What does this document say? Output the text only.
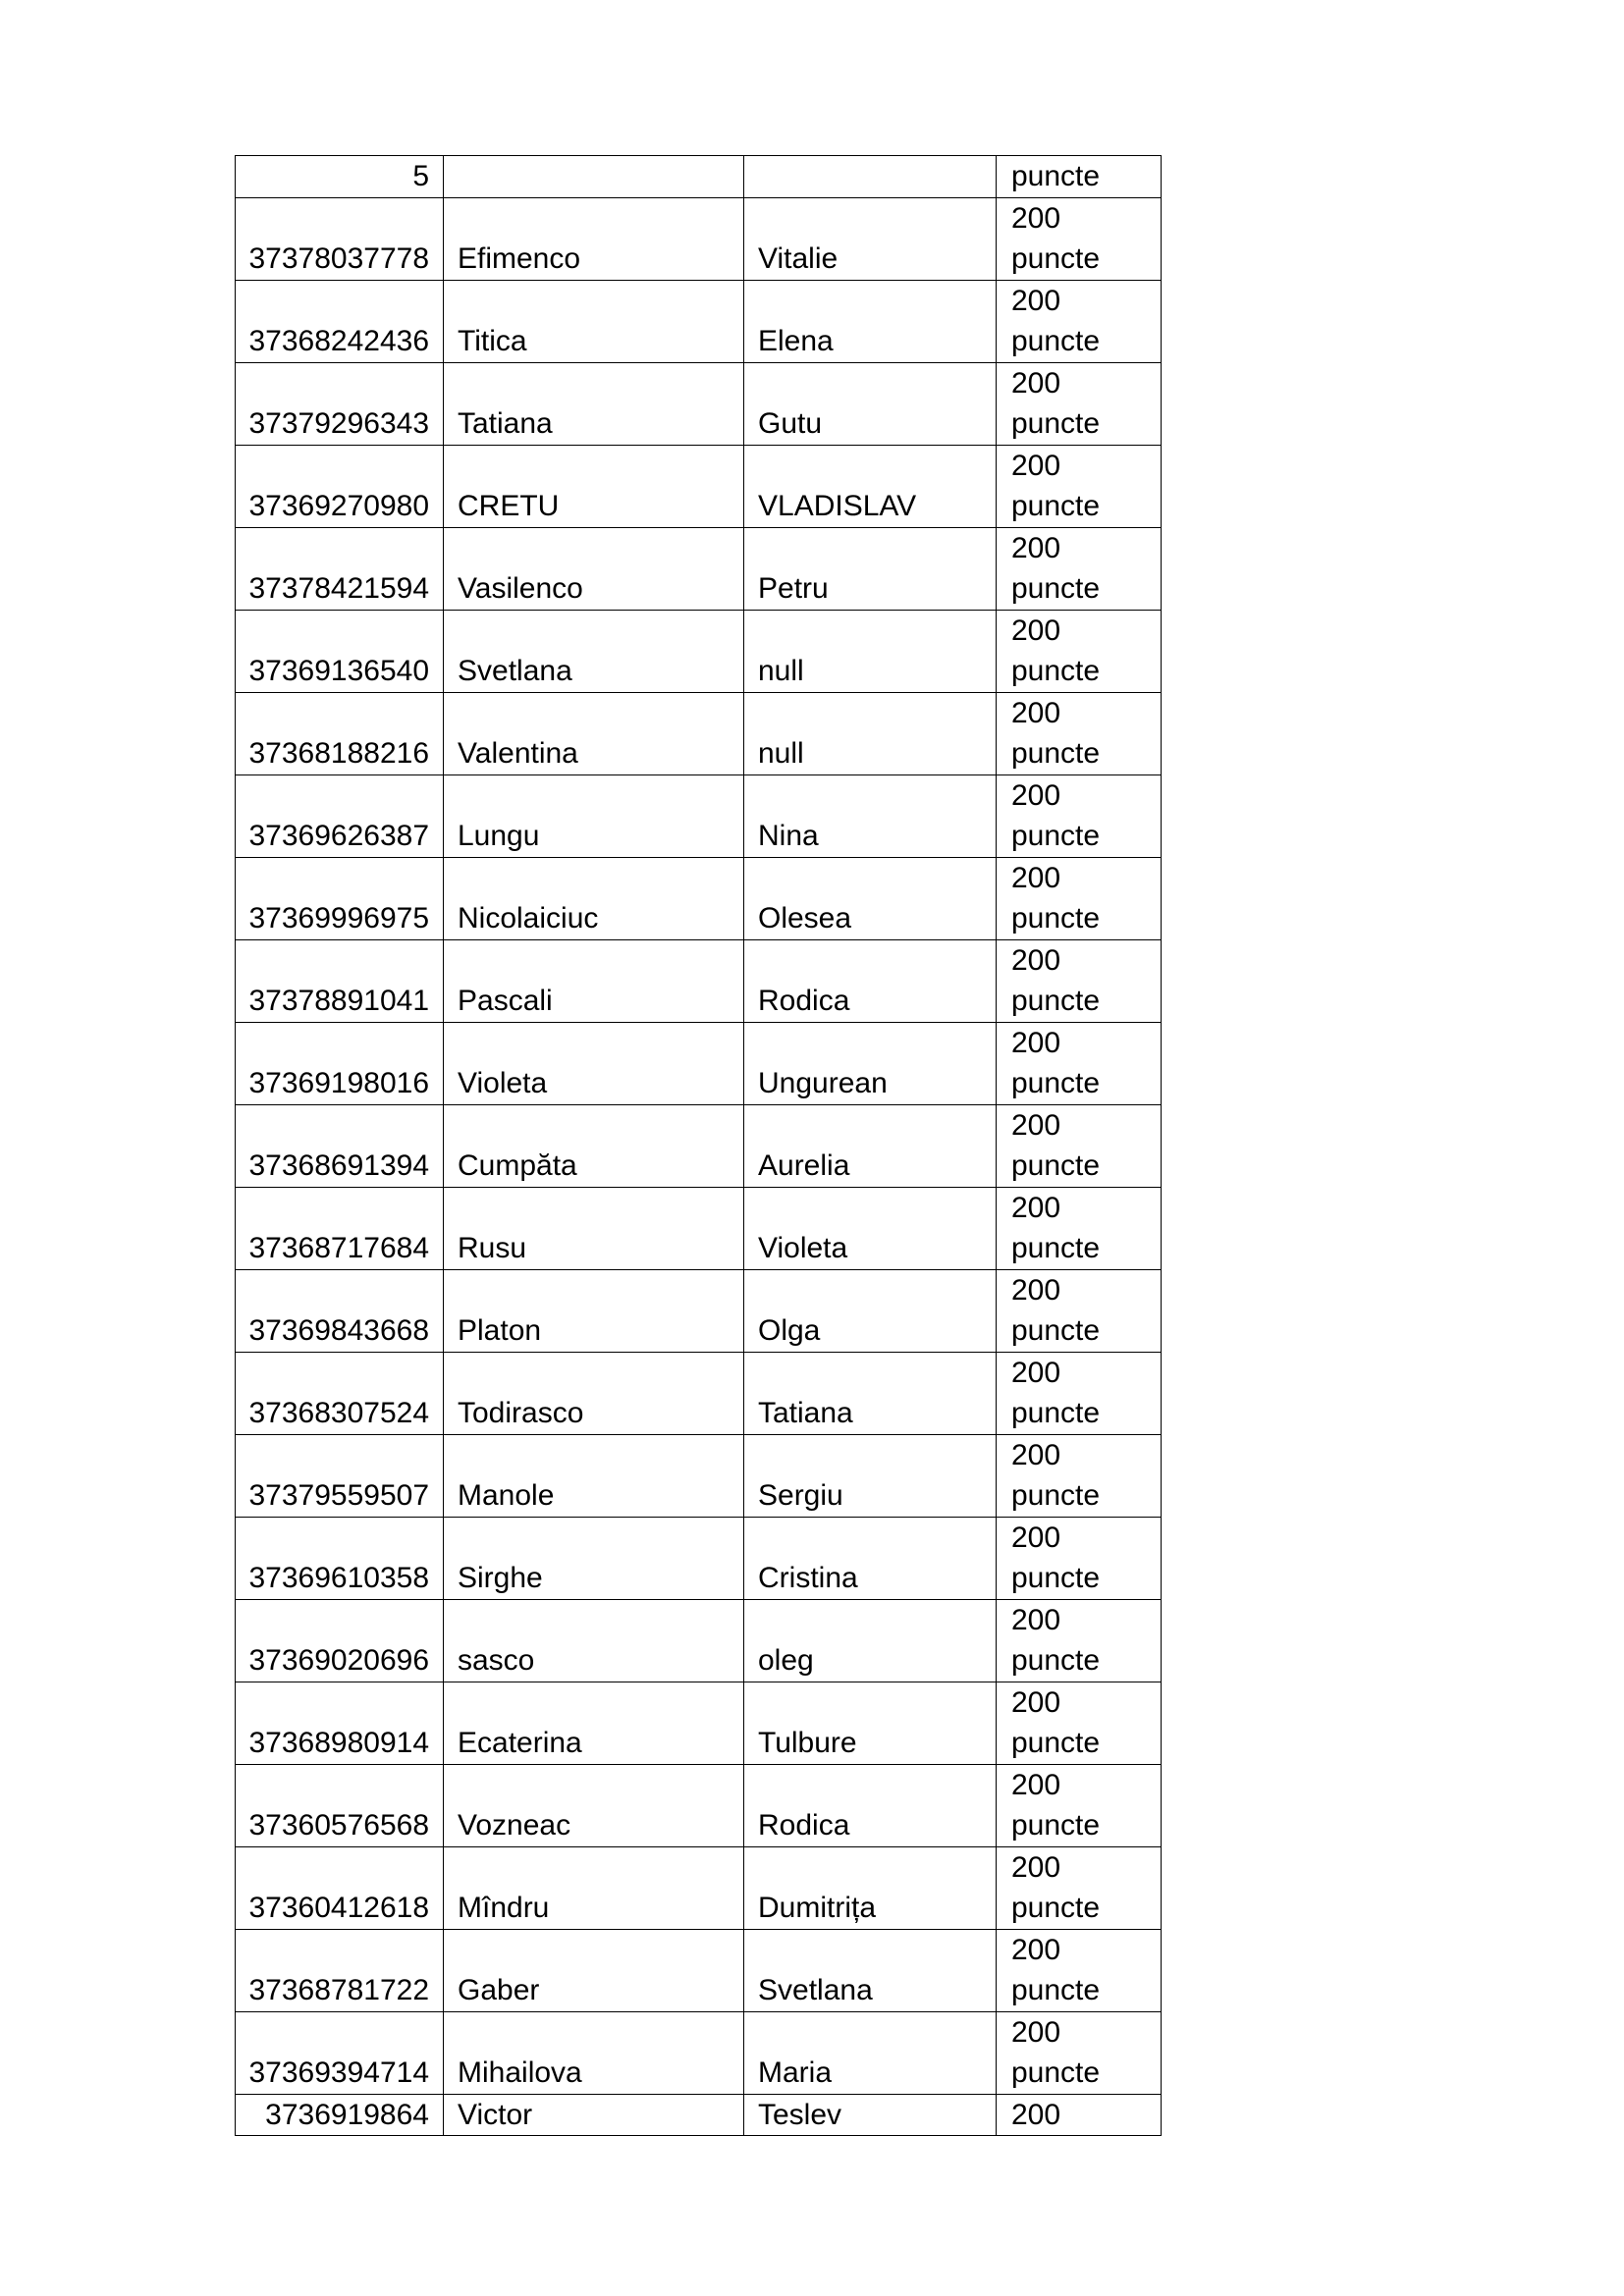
5			puncte

37378037778	Efimenco	Vitalie	200 puncte

37368242436	Titica	Elena	200 puncte

37379296343	Tatiana	Gutu	200 puncte

37369270980	CRETU	VLADISLAV	200 puncte

37378421594	Vasilenco	Petru	200 puncte

37369136540	Svetlana	null	200 puncte

37368188216	Valentina	null	200 puncte

37369626387	Lungu	Nina	200 puncte

37369996975	Nicolaiciuc	Olesea	200 puncte

37378891041	Pascali	Rodica	200 puncte

37369198016	Violeta	Ungurean	200 puncte

37368691394	Cumpăta	Aurelia	200 puncte

37368717684	Rusu	Violeta	200 puncte

37369843668	Platon	Olga	200 puncte

37368307524	Todirasco	Tatiana	200 puncte

37379559507	Manole	Sergiu	200 puncte

37369610358	Sirghe	Cristina	200 puncte

37369020696	sasco	oleg	200 puncte

37368980914	Ecaterina	Tulbure	200 puncte

37360576568	Vozneac	Rodica	200 puncte

37360412618	Mîndru	Dumitrița	200 puncte

37368781722	Gaber	Svetlana	200 puncte

37369394714	Mihailova	Maria	200 puncte

3736919864	Victor	Teslev	200
